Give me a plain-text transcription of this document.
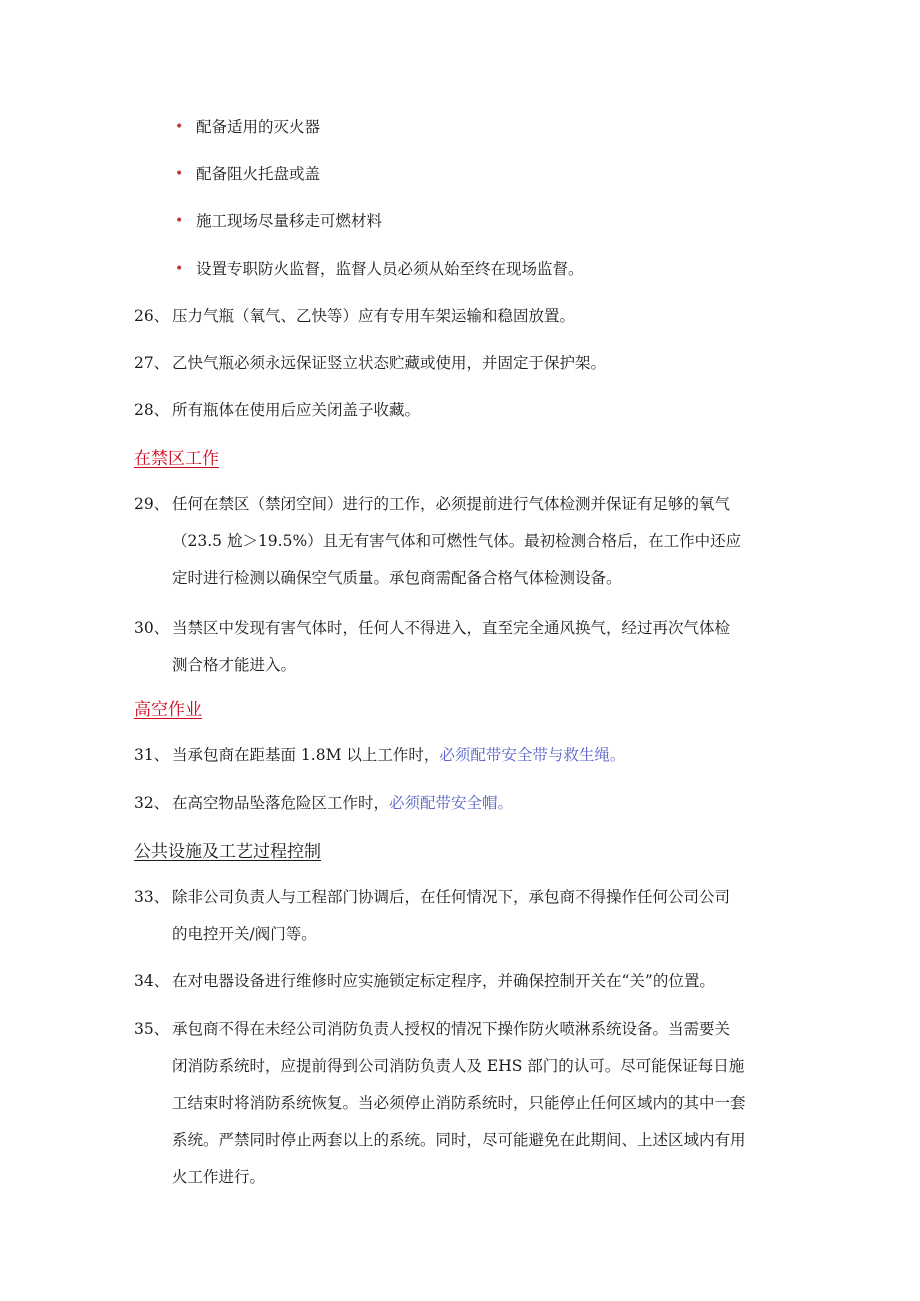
• 配备适用的灭火器
• 配备阻火托盘或盖
• 施工现场尽量移走可燃材料
• 设置专职防火监督，监督人员必须从始至终在现场监督。
26、 压力气瓶（氧气、乙快等）应有专用车架运输和稳固放置。
27、 乙快气瓶必须永远保证竖立状态贮藏或使用，并固定于保护架。
28、 所有瓶体在使用后应关闭盖子收藏。
在禁区工作
29、 任何在禁区（禁闭空间）进行的工作，必须提前进行气体检测并保证有足够的氧气
（23.5 尬＞19.5%）且无有害气体和可燃性气体。最初检测合格后，在工作中还应
定时进行检测以确保空气质量。承包商需配备合格气体检测设备。
30、 当禁区中发现有害气体时，任何人不得进入，直至完全通风换气，经过再次气体检
测合格才能进入。
高空作业
31、 当承包商在距基面 1.8M 以上工作时，必须配带安全带与救生绳。
32、 在高空物品坠落危险区工作时，必须配带安全帽。
公共设施及工艺过程控制
33、 除非公司负责人与工程部门协调后，在任何情况下，承包商不得操作任何公司公司
的电控开关/阀门等。
34、 在对电器设备进行维修时应实施锁定标定程序，并确保控制开关在“关”的位置。
35、 承包商不得在未经公司消防负责人授权的情况下操作防火喷淋系统设备。当需要关
闭消防系统时，应提前得到公司消防负责人及 EHS 部门的认可。尽可能保证每日施
工结束时将消防系统恢复。当必须停止消防系统时，只能停止任何区域内的其中一套
系统。严禁同时停止两套以上的系统。同时，尽可能避免在此期间、上述区域内有用
火工作进行。
